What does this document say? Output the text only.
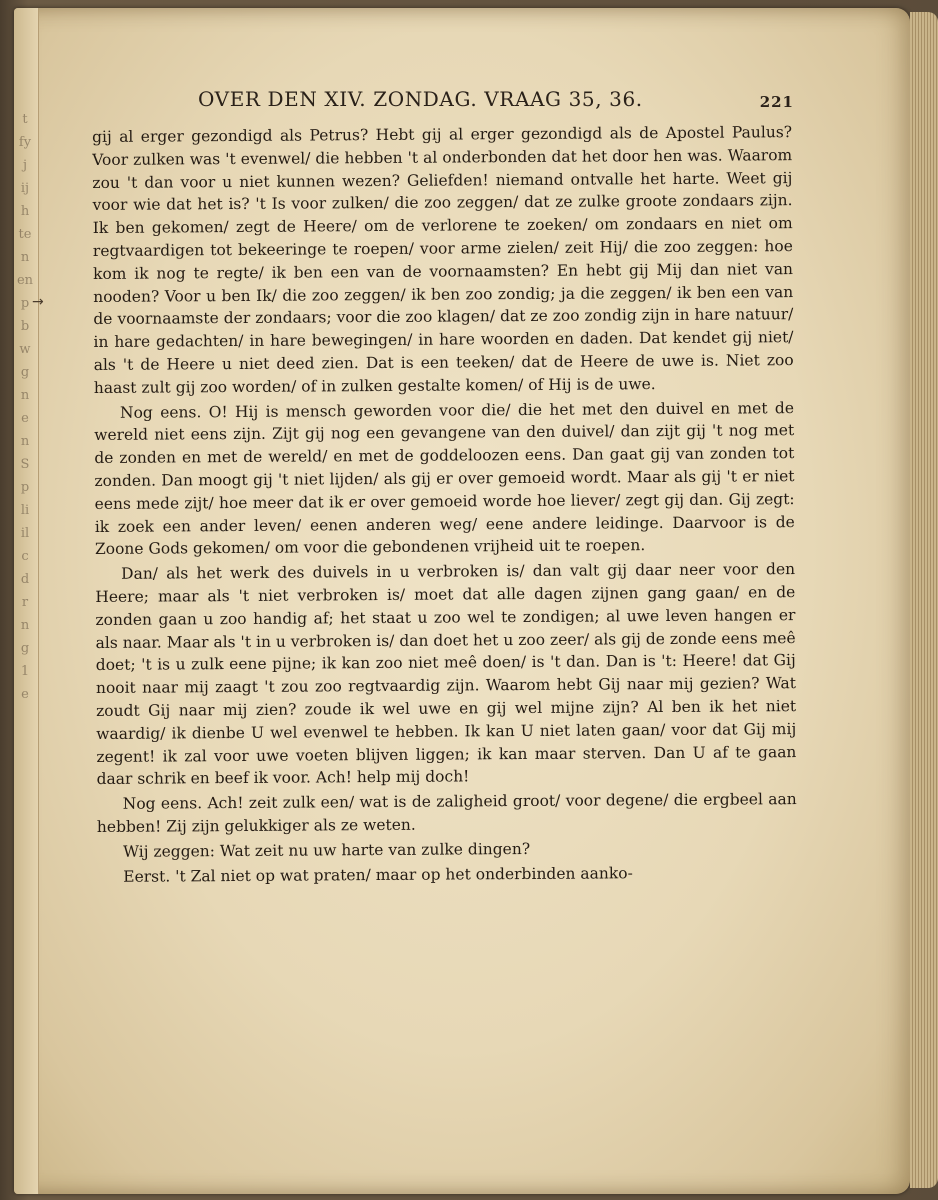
t
fy
j
ij
h
te
n
en
p
b
w
g
n
e
n
S
p
li
il
c
d
r
n
g
1
e
→
OVER DEN XIV. ZONDAG. VRAAG 35, 36.	221

gij al erger gezondigd als Petrus? Hebt gij al erger gezondigd als de Apostel Paulus? Voor zulken was 't evenwel/ die hebben 't al onderbonden dat het door hen was. Waarom zou 't dan voor u niet kunnen wezen? Geliefden! niemand ontvalle het harte. Weet gij voor wie dat het is? 't Is voor zulken/ die zoo zeggen/ dat ze zulke groote zondaars zijn. Ik ben gekomen/ zegt de Heere/ om de verlorene te zoeken/ om zondaars en niet om regtvaardigen tot bekeeringe te roepen/ voor arme zielen/ zeit Hij/ die zoo zeggen: hoe kom ik nog te regte/ ik ben een van de voornaamsten? En hebt gij Mij dan niet van nooden? Voor u ben Ik/ die zoo zeggen/ ik ben zoo zondig; ja die zeggen/ ik ben een van de voornaamste der zondaars; voor die zoo klagen/ dat ze zoo zondig zijn in hare natuur/ in hare gedachten/ in hare bewegingen/ in hare woorden en daden. Dat kendet gij niet/ als 't de Heere u niet deed zien. Dat is een teeken/ dat de Heere de uwe is. Niet zoo haast zult gij zoo worden/ of in zulken gestalte komen/ of Hij is de uwe.

Nog eens. O! Hij is mensch geworden voor die/ die het met den duivel en met de wereld niet eens zijn. Zijt gij nog een gevangene van den duivel/ dan zijt gij 't nog met de zonden en met de wereld/ en met de goddeloozen eens. Dan gaat gij van zonden tot zonden. Dan moogt gij 't niet lijden/ als gij er over gemoeid wordt. Maar als gij 't er niet eens mede zijt/ hoe meer dat ik er over gemoeid worde hoe liever/ zegt gij dan. Gij zegt: ik zoek een ander leven/ eenen anderen weg/ eene andere leidinge. Daarvoor is de Zoone Gods gekomen/ om voor die gebondenen vrijheid uit te roepen.

Dan/ als het werk des duivels in u verbroken is/ dan valt gij daar neer voor den Heere; maar als 't niet verbroken is/ moet dat alle dagen zijnen gang gaan/ en de zonden gaan u zoo handig af; het staat u zoo wel te zondigen; al uwe leven hangen er als naar. Maar als 't in u verbroken is/ dan doet het u zoo zeer/ als gij de zonde eens meê doet; 't is u zulk eene pijne; ik kan zoo niet meê doen/ is 't dan. Dan is 't: Heere! dat Gij nooit naar mij zaagt 't zou zoo regtvaardig zijn. Waarom hebt Gij naar mij gezien? Wat zoudt Gij naar mij zien? zoude ik wel uwe en gij wel mijne zijn? Al ben ik het niet waardig/ ik dienbe U wel evenwel te hebben. Ik kan U niet laten gaan/ voor dat Gij mij zegent! ik zal voor uwe voeten blijven liggen; ik kan maar sterven. Dan U af te gaan daar schrik en beef ik voor. Ach! help mij doch!

Nog eens. Ach! zeit zulk een/ wat is de zaligheid groot/ voor degene/ die ergbeel aan hebben! Zij zijn gelukkiger als ze weten.

Wij zeggen: Wat zeit nu uw harte van zulke dingen?

Eerst. 't Zal niet op wat praten/ maar op het onderbinden aanko-
